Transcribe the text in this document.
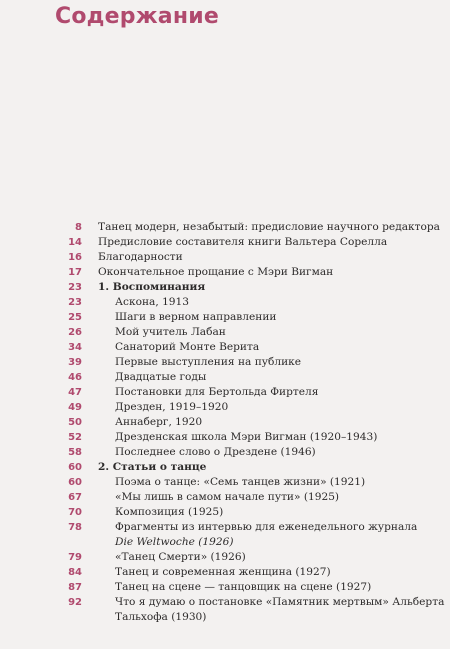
Содержание
8 Танец модерн, незабытый: предисловие научного редактора
14 Предисловие составителя книги Вальтера Сорелла
16 Благодарности
17 Окончательное прощание с Мэри Вигман
23 1. Воспоминания
23	Аскона, 1913
25	Шаги в верном направлении
26	Мой учитель Лабан
34	Санаторий Монте Верита
39	Первые выступления на публике
46	Двадцатые годы
47	Постановки для Бертольда Фиртеля
49	Дрезден, 1919–1920
50	Аннаберг, 1920
52	Дрезденская школа Мэри Вигман (1920–1943)
58	Последнее слово о Дрездене (1946)
60 2. Статьи о танце
60	Поэма о танце: «Семь танцев жизни» (1921)
67	«Мы лишь в самом начале пути» (1925)
70	Композиция (1925)
78	Фрагменты из интервью для еженедельного журнала
Die Weltwoche (1926)
79	«Танец Смерти» (1926)
84	Танец и современная женщина (1927)
87	Танец на сцене — танцовщик на сцене (1927)
92	Что я думаю о постановке «Памятник мертвым» Альберта
Тальхофа (1930)
